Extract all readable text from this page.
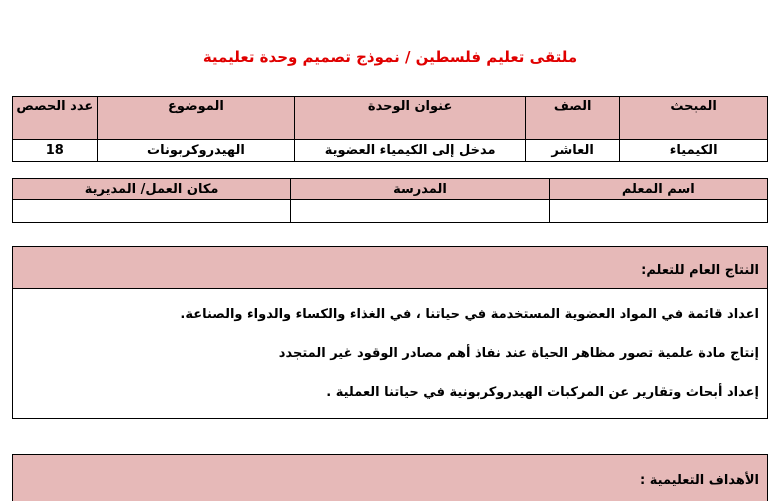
ملتقى تعليم فلسطين / نموذج تصميم وحدة تعليمية
المبحث	الصف	عنوان الوحدة	الموضوع	عدد الحصص
الكيمياء	العاشر	مدخل إلى الكيمياء العضوية	الهيدروكربونات	18
اسم المعلم	المدرسة	مكان العمل/ المديرية

النتاج العام للتعلم:
اعداد قائمة في المواد العضوية المستخدمة في حياتنا ، في الغذاء والكساء والدواء والصناعة.
إنتاج مادة علمية تصور مظاهر الحياة عند نفاذ أهم مصادر الوقود غير المتجدد
إعداد أبحاث وتقارير عن المركبات الهيدروكربونية في حياتنا العملية .
الأهداف التعليمية :
